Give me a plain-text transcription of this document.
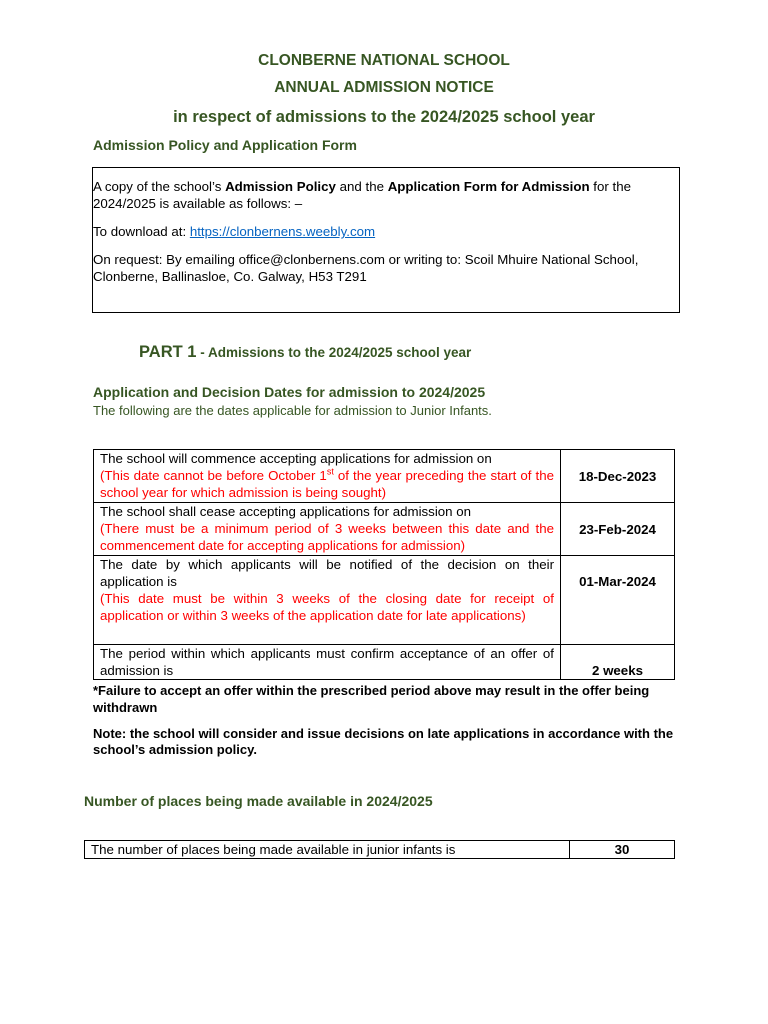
CLONBERNE NATIONAL SCHOOL
ANNUAL ADMISSION NOTICE
in respect of admissions to the 2024/2025 school year
Admission Policy and Application Form

A copy of the school’s Admission Policy and the Application Form for Admission for the 2024/2025 is available as follows: –

To download at: https://clonbernens.weebly.com

On request: By emailing office@clonbernens.com or writing to: Scoil Mhuire National School, Clonberne, Ballinasloe, Co. Galway, H53 T291

PART 1 - Admissions to the 2024/2025 school year
Application and Decision Dates for admission to 2024/2025
The following are the dates applicable for admission to Junior Infants.
The school will commence accepting applications for admission on
(This date cannot be before October 1st of the year preceding the start of the school year for which admission is being sought)	18-Dec-2023
The school shall cease accepting applications for admission on
(There must be a minimum period of 3 weeks between this date and the commencement date for accepting applications for admission)	23-Feb-2024
The date by which applicants will be notified of the decision on their application is
(This date must be within 3 weeks of the closing date for receipt of application or within 3 weeks of the application date for late applications)	01-Mar-2024
The period within which applicants must confirm acceptance of an offer of admission is	2 weeks
*Failure to accept an offer within the prescribed period above may result in the offer being withdrawn
Note: the school will consider and issue decisions on late applications in accordance with the school’s admission policy.
Number of places being made available in 2024/2025
The number of places being made available in junior infants is	30
